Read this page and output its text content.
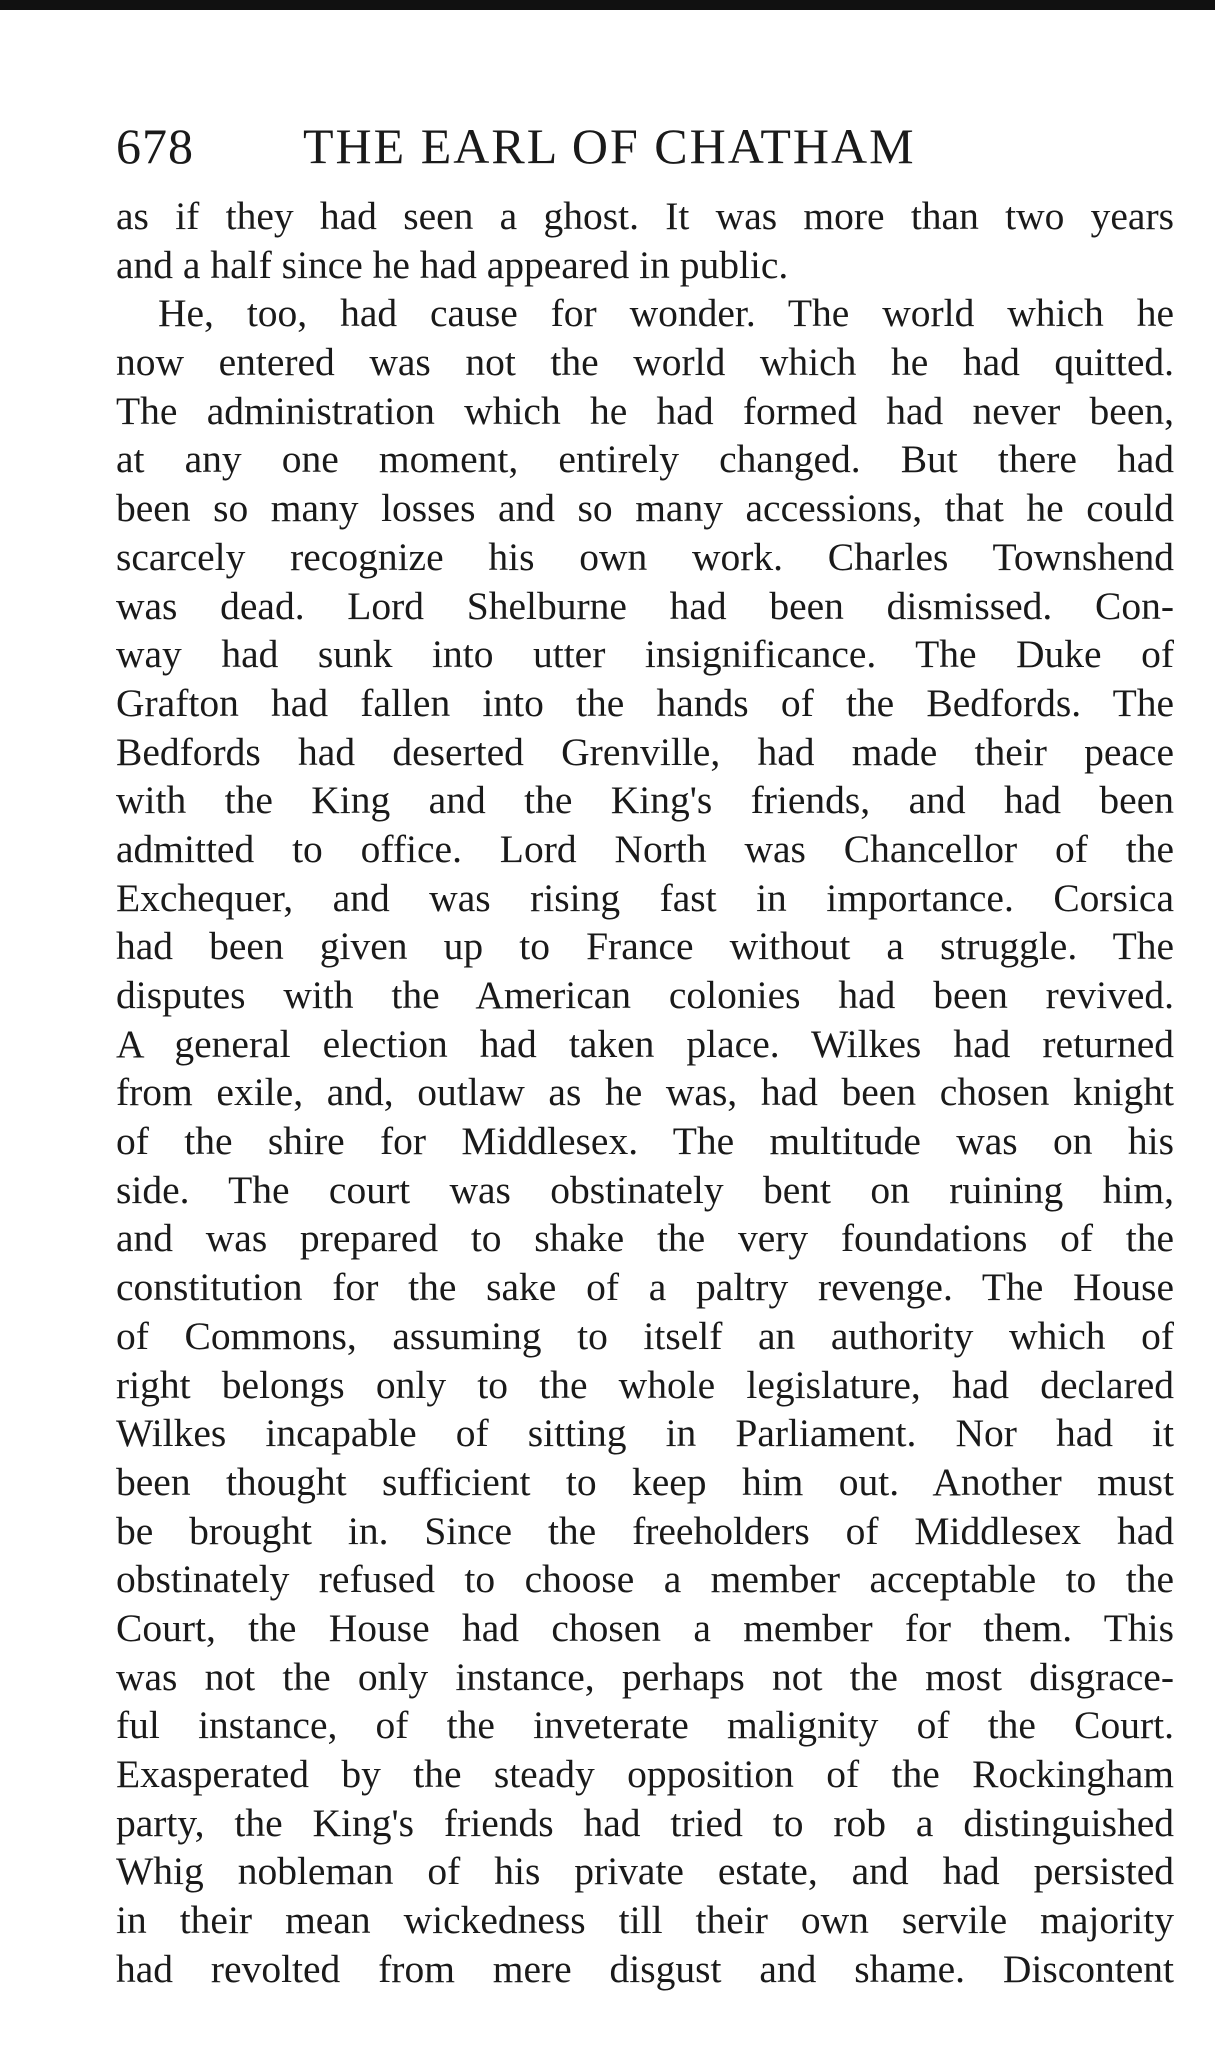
678 THE EARL OF CHATHAM
as if they had seen a ghost. It was more than two years
and a half since he had appeared in public.
He, too, had cause for wonder. The world which he
now entered was not the world which he had quitted.
The administration which he had formed had never been,
at any one moment, entirely changed. But there had
been so many losses and so many accessions, that he could
scarcely recognize his own work. Charles Townshend
was dead. Lord Shelburne had been dismissed. Con-
way had sunk into utter insignificance. The Duke of
Grafton had fallen into the hands of the Bedfords. The
Bedfords had deserted Grenville, had made their peace
with the King and the King's friends, and had been
admitted to office. Lord North was Chancellor of the
Exchequer, and was rising fast in importance. Corsica
had been given up to France without a struggle. The
disputes with the American colonies had been revived.
A general election had taken place. Wilkes had returned
from exile, and, outlaw as he was, had been chosen knight
of the shire for Middlesex. The multitude was on his
side. The court was obstinately bent on ruining him,
and was prepared to shake the very foundations of the
constitution for the sake of a paltry revenge. The House
of Commons, assuming to itself an authority which of
right belongs only to the whole legislature, had declared
Wilkes incapable of sitting in Parliament. Nor had it
been thought sufficient to keep him out. Another must
be brought in. Since the freeholders of Middlesex had
obstinately refused to choose a member acceptable to the
Court, the House had chosen a member for them. This
was not the only instance, perhaps not the most disgrace-
ful instance, of the inveterate malignity of the Court.
Exasperated by the steady opposition of the Rockingham
party, the King's friends had tried to rob a distinguished
Whig nobleman of his private estate, and had persisted
in their mean wickedness till their own servile majority
had revolted from mere disgust and shame. Discontent
